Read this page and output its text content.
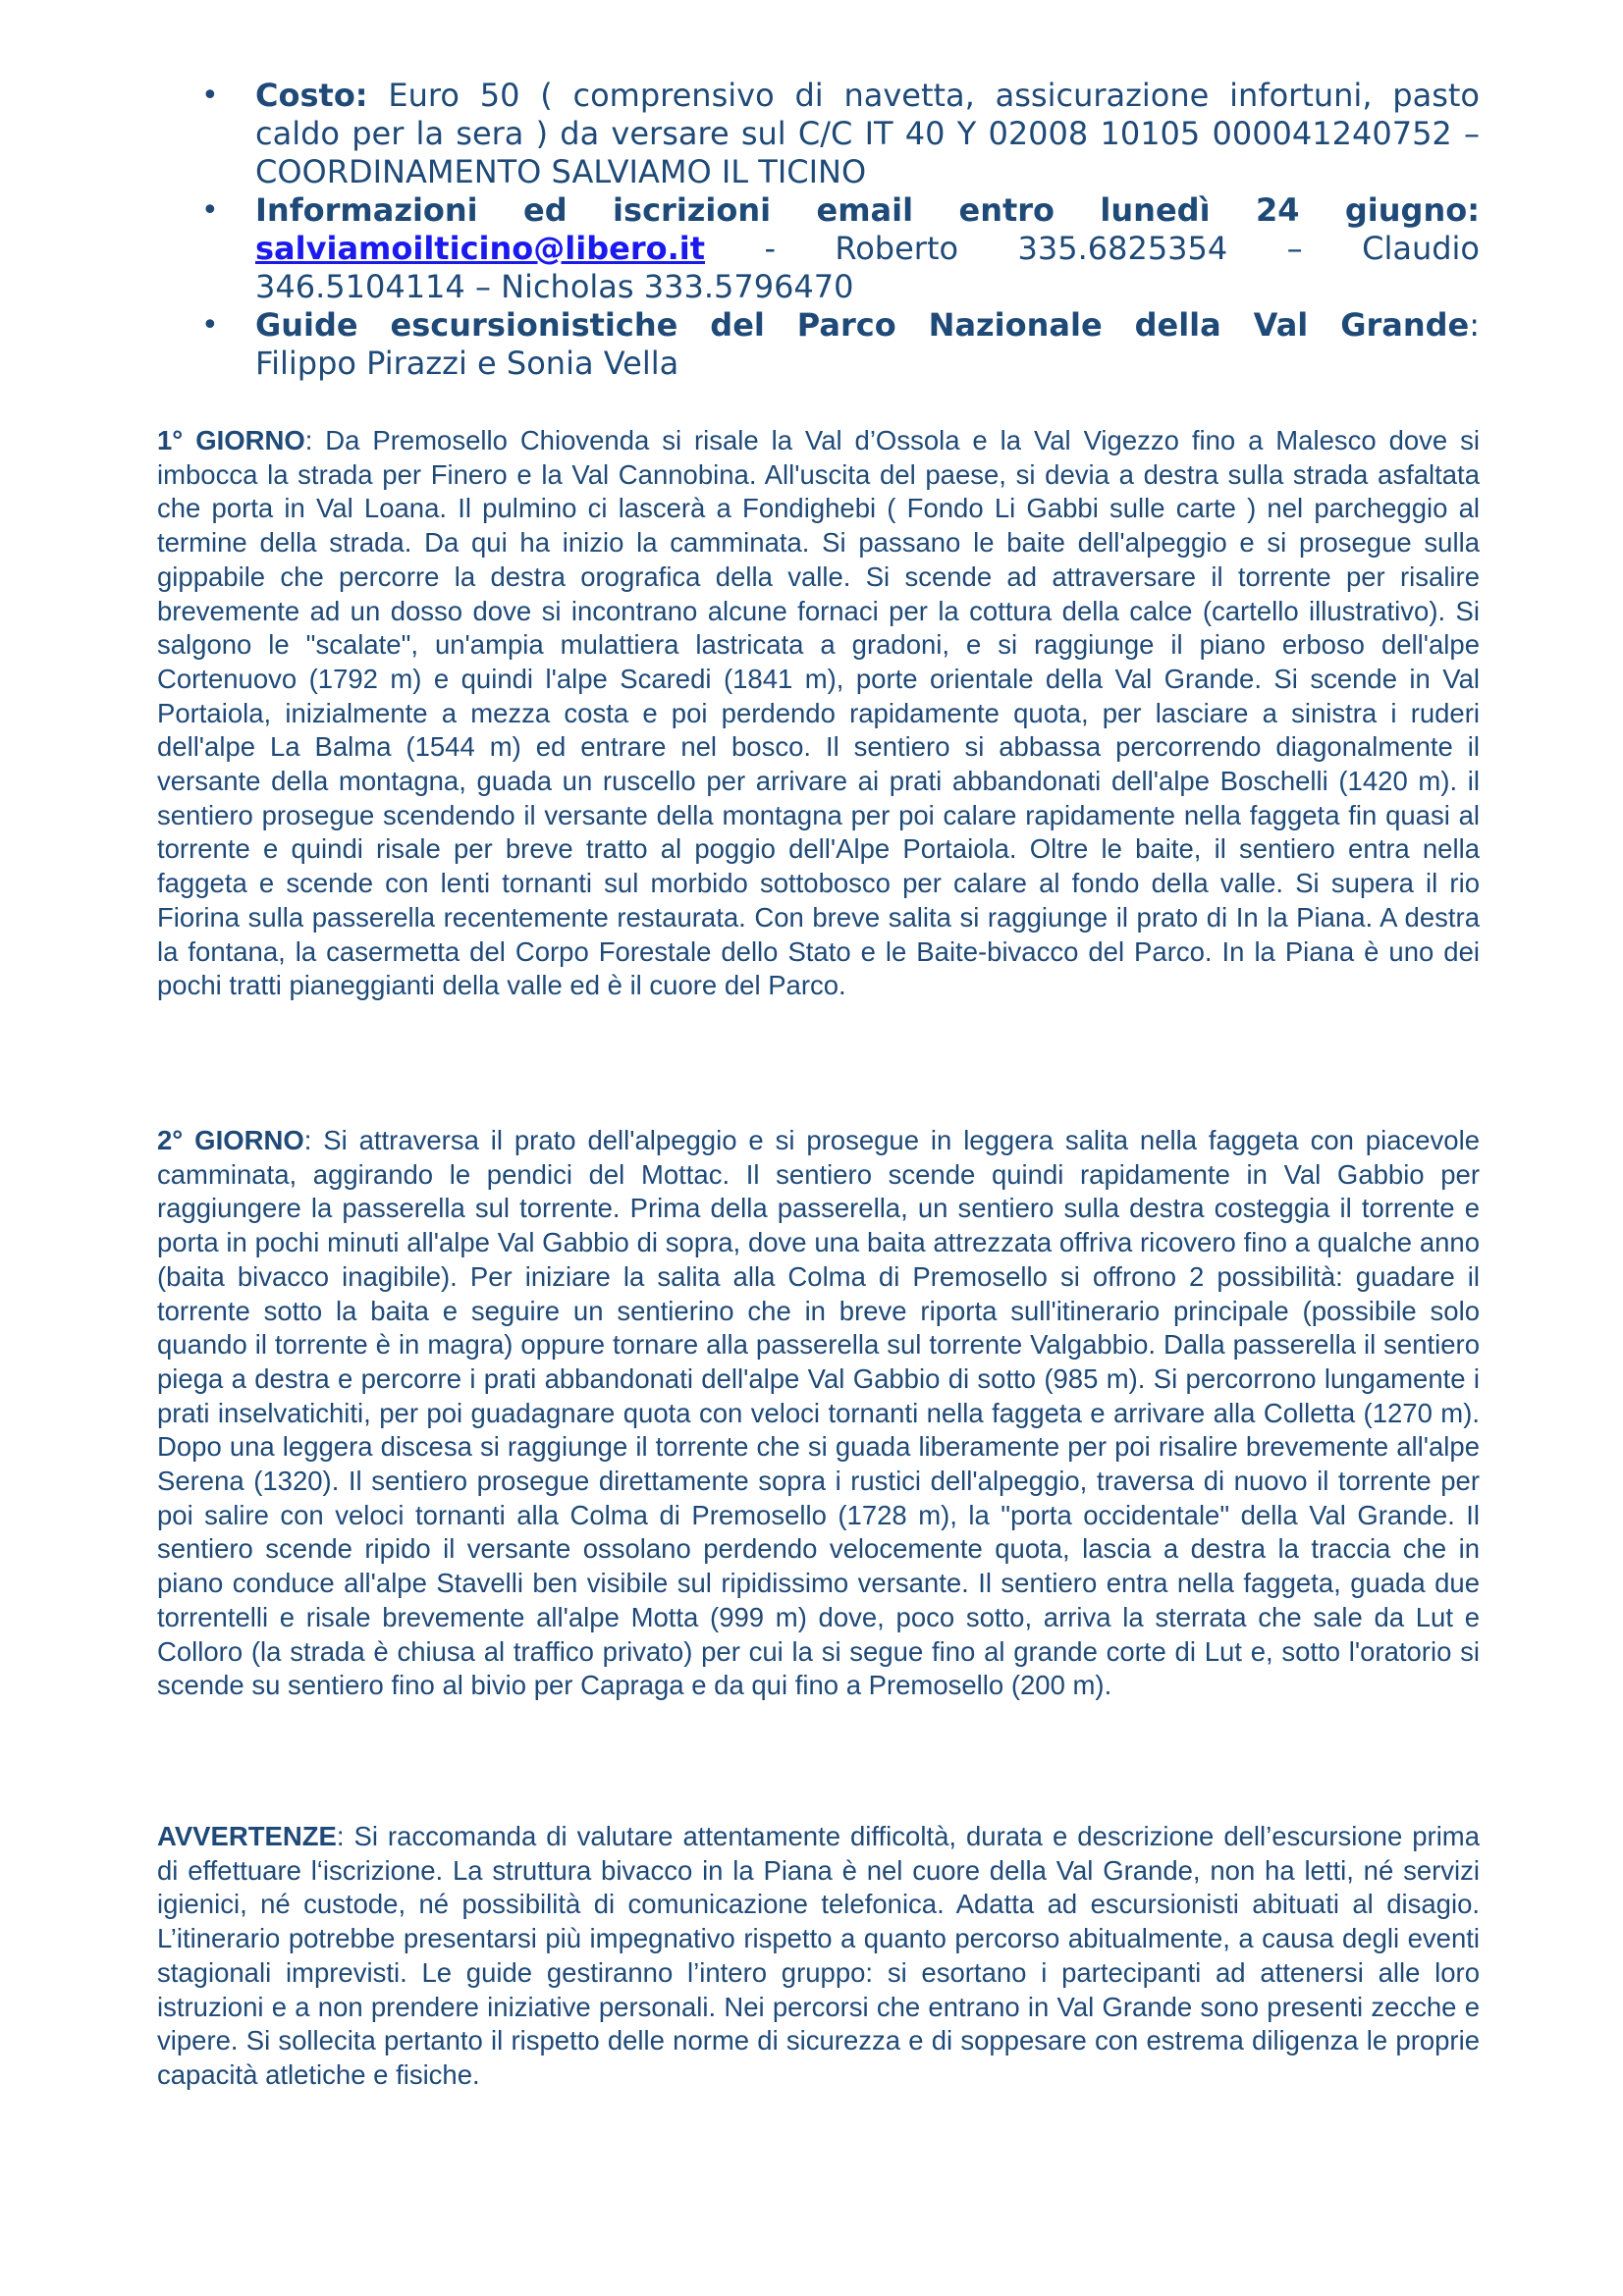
• Costo: Euro 50 ( comprensivo di navetta, assicurazione infortuni, pasto caldo per la sera ) da versare sul C/C IT 40 Y 02008 10105 000041240752 – COORDINAMENTO SALVIAMO IL TICINO
• Informazioni ed iscrizioni email entro lunedì 24 giugno:
salviamoilticino@libero.it - Roberto 335.6825354 – Claudio
346.5104114 – Nicholas 333.5796470
• Guide escursionistiche del Parco Nazionale della Val Grande:
Filippo Pirazzi e Sonia Vella

1° GIORNO: Da Premosello Chiovenda si risale la Val d’Ossola e la Val Vigezzo fino a Malesco dove si imbocca la strada per Finero e la Val Cannobina. All'uscita del paese, si devia a destra sulla strada asfaltata che porta in Val Loana. Il pulmino ci lascerà a Fondighebi ( Fondo Li Gabbi sulle carte ) nel parcheggio al termine della strada. Da qui ha inizio la camminata. Si passano le baite dell'alpeggio e si prosegue sulla gippabile che percorre la destra orografica della valle. Si scende ad attraversare il torrente per risalire brevemente ad un dosso dove si incontrano alcune fornaci per la cottura della calce (cartello illustrativo). Si salgono le "scalate", un'ampia mulattiera lastricata a gradoni, e si raggiunge il piano erboso dell'alpe Cortenuovo (1792 m) e quindi l'alpe Scaredi (1841 m), porte orientale della Val Grande. Si scende in Val Portaiola, inizialmente a mezza costa e poi perdendo rapidamente quota, per lasciare a sinistra i ruderi dell'alpe La Balma (1544 m) ed entrare nel bosco. Il sentiero si abbassa percorrendo diagonalmente il versante della montagna, guada un ruscello per arrivare ai prati abbandonati dell'alpe Boschelli (1420 m). il sentiero prosegue scendendo il versante della montagna per poi calare rapidamente nella faggeta fin quasi al torrente e quindi risale per breve tratto al poggio dell'Alpe Portaiola. Oltre le baite, il sentiero entra nella faggeta e scende con lenti tornanti sul morbido sottobosco per calare al fondo della valle. Si supera il rio Fiorina sulla passerella recentemente restaurata. Con breve salita si raggiunge il prato di In la Piana. A destra la fontana, la casermetta del Corpo Forestale dello Stato e le Baite-bivacco del Parco. In la Piana è uno dei pochi tratti pianeggianti della valle ed è il cuore del Parco.

2° GIORNO: Si attraversa il prato dell'alpeggio e si prosegue in leggera salita nella faggeta con piacevole camminata, aggirando le pendici del Mottac. Il sentiero scende quindi rapidamente in Val Gabbio per raggiungere la passerella sul torrente. Prima della passerella, un sentiero sulla destra costeggia il torrente e porta in pochi minuti all'alpe Val Gabbio di sopra, dove una baita attrezzata offriva ricovero fino a qualche anno (baita bivacco inagibile). Per iniziare la salita alla Colma di Premosello si offrono 2 possibilità: guadare il torrente sotto la baita e seguire un sentierino che in breve riporta sull'itinerario principale (possibile solo quando il torrente è in magra) oppure tornare alla passerella sul torrente Valgabbio. Dalla passerella il sentiero piega a destra e percorre i prati abbandonati dell'alpe Val Gabbio di sotto (985 m). Si percorrono lungamente i prati inselvatichiti, per poi guadagnare quota con veloci tornanti nella faggeta e arrivare alla Colletta (1270 m). Dopo una leggera discesa si raggiunge il torrente che si guada liberamente per poi risalire brevemente all'alpe Serena (1320). Il sentiero prosegue direttamente sopra i rustici dell'alpeggio, traversa di nuovo il torrente per poi salire con veloci tornanti alla Colma di Premosello (1728 m), la "porta occidentale" della Val Grande. Il sentiero scende ripido il versante ossolano perdendo velocemente quota, lascia a destra la traccia che in piano conduce all'alpe Stavelli ben visibile sul ripidissimo versante. Il sentiero entra nella faggeta, guada due torrentelli e risale brevemente all'alpe Motta (999 m) dove, poco sotto, arriva la sterrata che sale da Lut e Colloro (la strada è chiusa al traffico privato) per cui la si segue fino al grande corte di Lut e, sotto l'oratorio si scende su sentiero fino al bivio per Capraga e da qui fino a Premosello (200 m).

AVVERTENZE: Si raccomanda di valutare attentamente difficoltà, durata e descrizione dell’escursione prima di effettuare l‘iscrizione. La struttura bivacco in la Piana è nel cuore della Val Grande, non ha letti, né servizi igienici, né custode, né possibilità di comunicazione telefonica. Adatta ad escursionisti abituati al disagio. L’itinerario potrebbe presentarsi più impegnativo rispetto a quanto percorso abitualmente, a causa degli eventi stagionali imprevisti. Le guide gestiranno l’intero gruppo: si esortano i partecipanti ad attenersi alle loro istruzioni e a non prendere iniziative personali. Nei percorsi che entrano in Val Grande sono presenti zecche e vipere. Si sollecita pertanto il rispetto delle norme di sicurezza e di soppesare con estrema diligenza le proprie capacità atletiche e fisiche.
